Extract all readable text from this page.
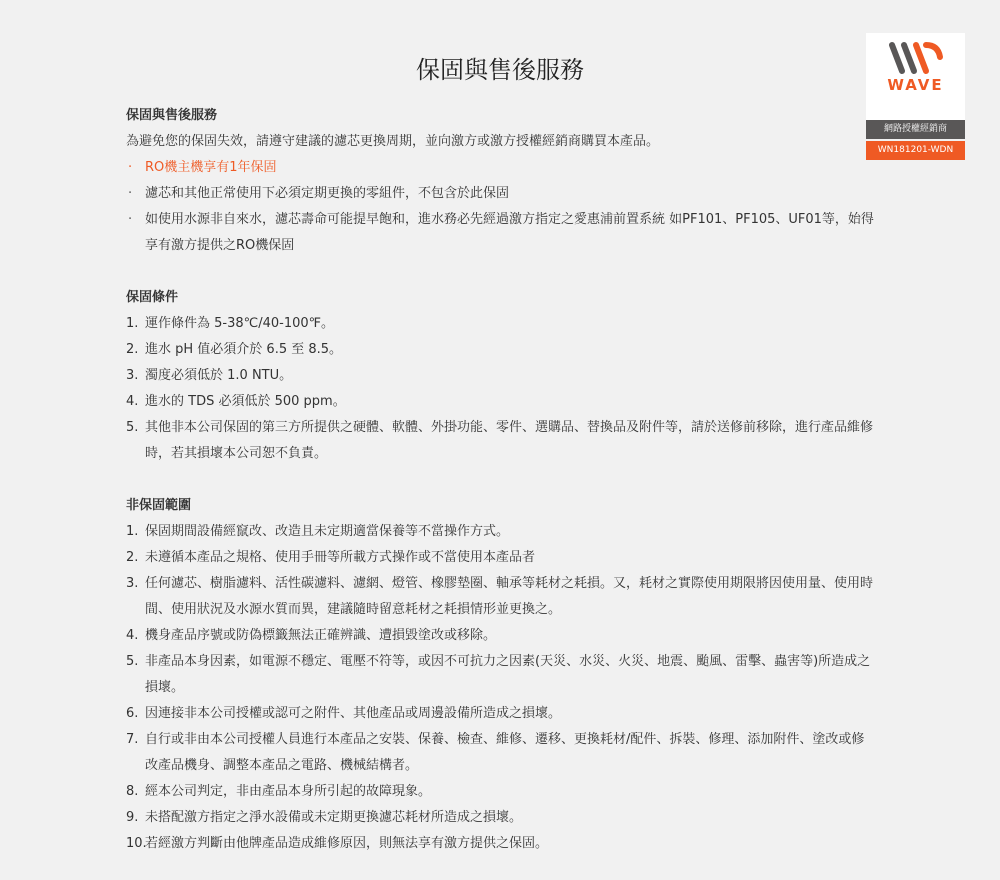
保固與售後服務
WAVE
網路授權經銷商
WN181201-WDN
保固與售後服務
為避免您的保固失效，請遵守建議的濾芯更換周期，並向激方或激方授權經銷商購買本產品。
· RO機主機享有1年保固
· 濾芯和其他正常使用下必須定期更換的零組件，不包含於此保固
· 如使用水源非自來水，濾芯壽命可能提早飽和，進水務必先經過激方指定之愛惠浦前置系統 如PF101、PF105、UF01等，始得享有激方提供之RO機保固
保固條件
1. 運作條件為 5-38℃/40-100℉。
2. 進水 pH 值必須介於 6.5 至 8.5。
3. 濁度必須低於 1.0 NTU。
4. 進水的 TDS 必須低於 500 ppm。
5. 其他非本公司保固的第三方所提供之硬體、軟體、外掛功能、零件、選購品、替換品及附件等，請於送修前移除，進行產品維修時，若其損壞本公司恕不負責。
非保固範圍
1. 保固期間設備經竄改、改造且未定期適當保養等不當操作方式。
2. 未遵循本產品之規格、使用手冊等所載方式操作或不當使用本產品者
3. 任何濾芯、樹脂濾料、活性碳濾料、濾網、燈管、橡膠墊圈、軸承等耗材之耗損。又，耗材之實際使用期限將因使用量、使用時間、使用狀況及水源水質而異，建議隨時留意耗材之耗損情形並更換之。
4. 機身產品序號或防偽標籤無法正確辨識、遭損毀塗改或移除。
5. 非產品本身因素，如電源不穩定、電壓不符等，或因不可抗力之因素(天災、水災、火災、地震、颱風、雷擊、蟲害等)所造成之損壞。
6. 因連接非本公司授權或認可之附件、其他產品或周邊設備所造成之損壞。
7. 自行或非由本公司授權人員進行本產品之安裝、保養、檢查、維修、遷移、更換耗材/配件、拆裝、修理、添加附件、塗改或修改產品機身、調整本產品之電路、機械結構者。
8. 經本公司判定，非由產品本身所引起的故障現象。
9. 未搭配激方指定之淨水設備或未定期更換濾芯耗材所造成之損壞。
10.
若經激方判斷由他牌產品造成維修原因，則無法享有激方提供之保固。
